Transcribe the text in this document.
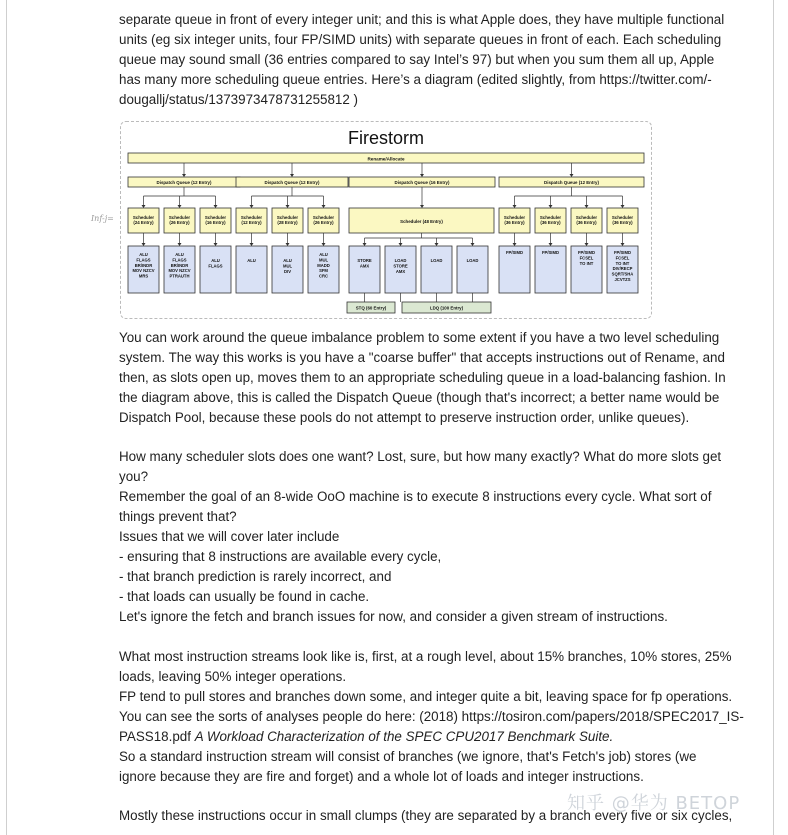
separate queue in front of every integer unit; and this is what Apple does, they have multiple functional

units (eg six integer units, four FP/SIMD units) with separate queues in front of each. Each scheduling

queue may sound small (36 entries compared to say Intel’s 97) but when you sum them all up, Apple

has many more scheduling queue entries. Here’s a diagram (edited slightly, from https://twitter.com/-

dougallj/status/1373973478731255812 )

Inf-j=
Firestorm
Rename/Allocate
Dispatch Queue (12 Entry)	Dispatch Queue (12 Entry)	Dispatch Queue (16 Entry)	Dispatch Queue (12 Entry)
Scheduler (24 Entry)
Scheduler (26 Entry)
Scheduler (16 Entry)
Scheduler (12 Entry)
Scheduler (28 Entry)
Scheduler (26 Entry)	Scheduler (48 Entry)
Scheduler (36 Entry)
Scheduler (36 Entry)
Scheduler (36 Entry)
Scheduler (36 Entry)
ALU FLAGS BR/INDR MOV NZCV MRS
ALU FLAGS BR/INDR MOV NZCV PTRAUTH
ALU FLAGS
ALU	ALU MUL DIV
ALU MUL MADD SFM CRC
STORE AMX
LOAD STORE AMX
LOAD	LOAD
FP/SIMD	FP/SIMD	FP/SIMD FCSEL TO INT
FP/SIMD FCSEL TO INT DIV/RECP SQRT/SHA JCVTZS
STQ (60 Entry)	LDQ (100 Entry)

You can work around the queue imbalance problem to some extent if you have a two level scheduling

system. The way this works is you have a "coarse buffer" that accepts instructions out of Rename, and

then, as slots open up, moves them to an appropriate scheduling queue in a load-balancing fashion. In

the diagram above, this is called the Dispatch Queue (though that's incorrect; a better name would be

Dispatch Pool, because these pools do not attempt to preserve instruction order, unlike queues).

How many scheduler slots does one want? Lost, sure, but how many exactly? What do more slots get

you?

Remember the goal of an 8-wide OoO machine is to execute 8 instructions every cycle. What sort of

things prevent that?

Issues that we will cover later include

- ensuring that 8 instructions are available every cycle,

- that branch prediction is rarely incorrect, and

- that loads can usually be found in cache.

Let's ignore the fetch and branch issues for now, and consider a given stream of instructions.

What most instruction streams look like is, first, at a rough level, about 15% branches, 10% stores, 25%

loads, leaving 50% integer operations.

FP tend to pull stores and branches down some, and integer quite a bit, leaving space for fp operations.

You can see the sorts of analyses people do here: (2018) https://tosiron.com/papers/2018/SPEC2017_IS-

PASS18.pdf A Workload Characterization of the SPEC CPU2017 Benchmark Suite.

So a standard instruction stream will consist of branches (we ignore, that's Fetch's job) stores (we

ignore because they are fire and forget) and a whole lot of loads and integer instructions.

Mostly these instructions occur in small clumps (they are separated by a branch every five or six cycles,

知乎 @华为 BETOP
